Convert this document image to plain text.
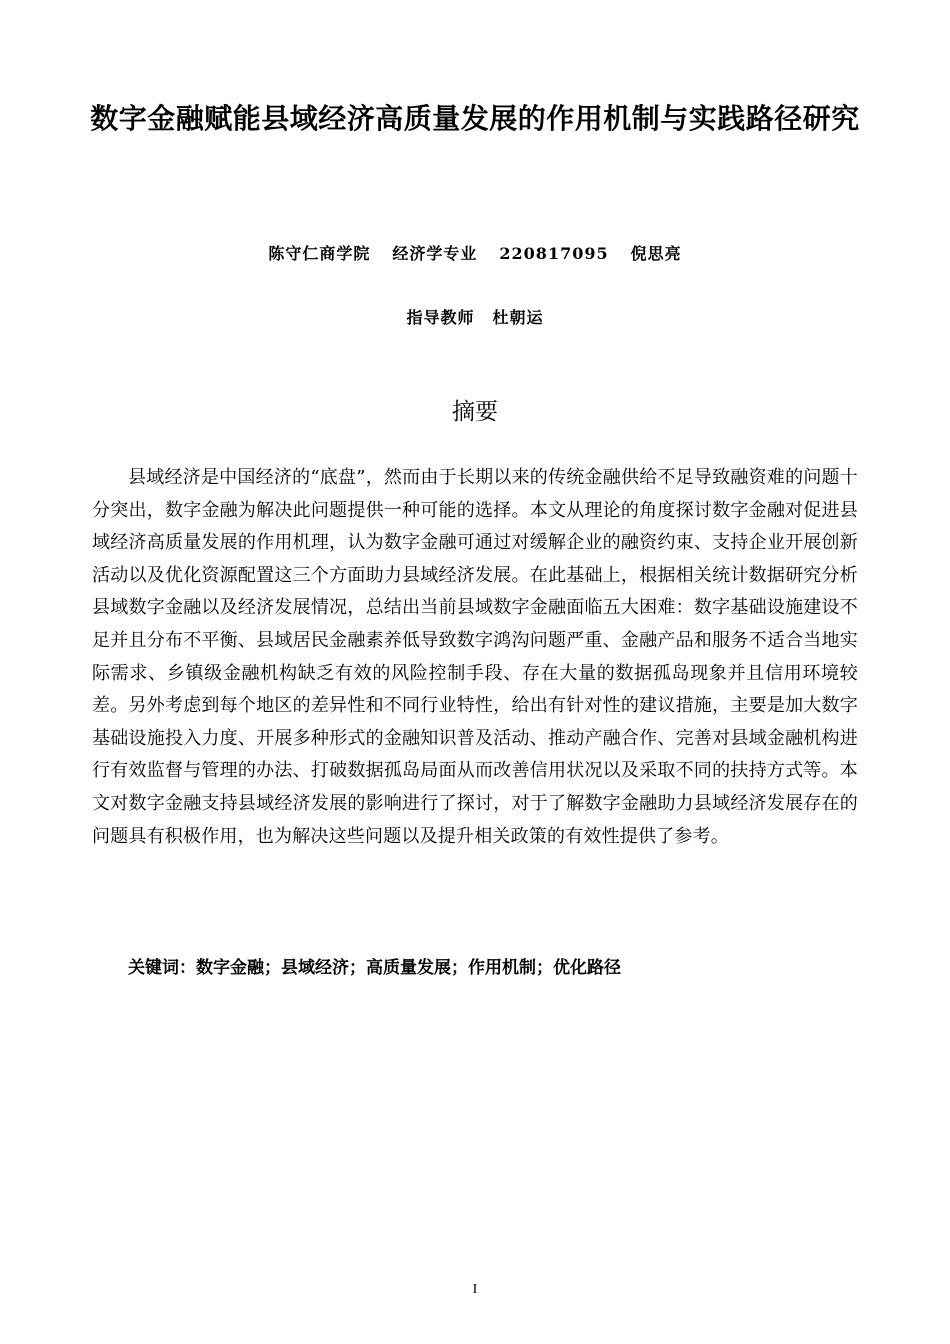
数字金融赋能县域经济高质量发展的作用机制与实践路径研究
陈守仁商学院 经济学专业 220817095 倪思亮
指导教师 杜朝运
摘要

县域经济是中国经济的“底盘”，然而由于长期以来的传统金融供给不足导致融资难的问题十分突出，数字金融为解决此问题提供一种可能的选择。本文从理论的角度探讨数字金融对促进县域经济高质量发展的作用机理，认为数字金融可通过对缓解企业的融资约束、支持企业开展创新活动以及优化资源配置这三个方面助力县域经济发展。在此基础上，根据相关统计数据研究分析县域数字金融以及经济发展情况，总结出当前县域数字金融面临五大困难：数字基础设施建设不足并且分布不平衡、县域居民金融素养低导致数字鸿沟问题严重、金融产品和服务不适合当地实际需求、乡镇级金融机构缺乏有效的风险控制手段、存在大量的数据孤岛现象并且信用环境较差。另外考虑到每个地区的差异性和不同行业特性，给出有针对性的建议措施，主要是加大数字基础设施投入力度、开展多种形式的金融知识普及活动、推动产融合作、完善对县域金融机构进行有效监督与管理的办法、打破数据孤岛局面从而改善信用状况以及采取不同的扶持方式等。本文对数字金融支持县域经济发展的影响进行了探讨，对于了解数字金融助力县域经济发展存在的问题具有积极作用，也为解决这些问题以及提升相关政策的有效性提供了参考。

关键词：数字金融；县域经济；高质量发展；作用机制；优化路径
I
